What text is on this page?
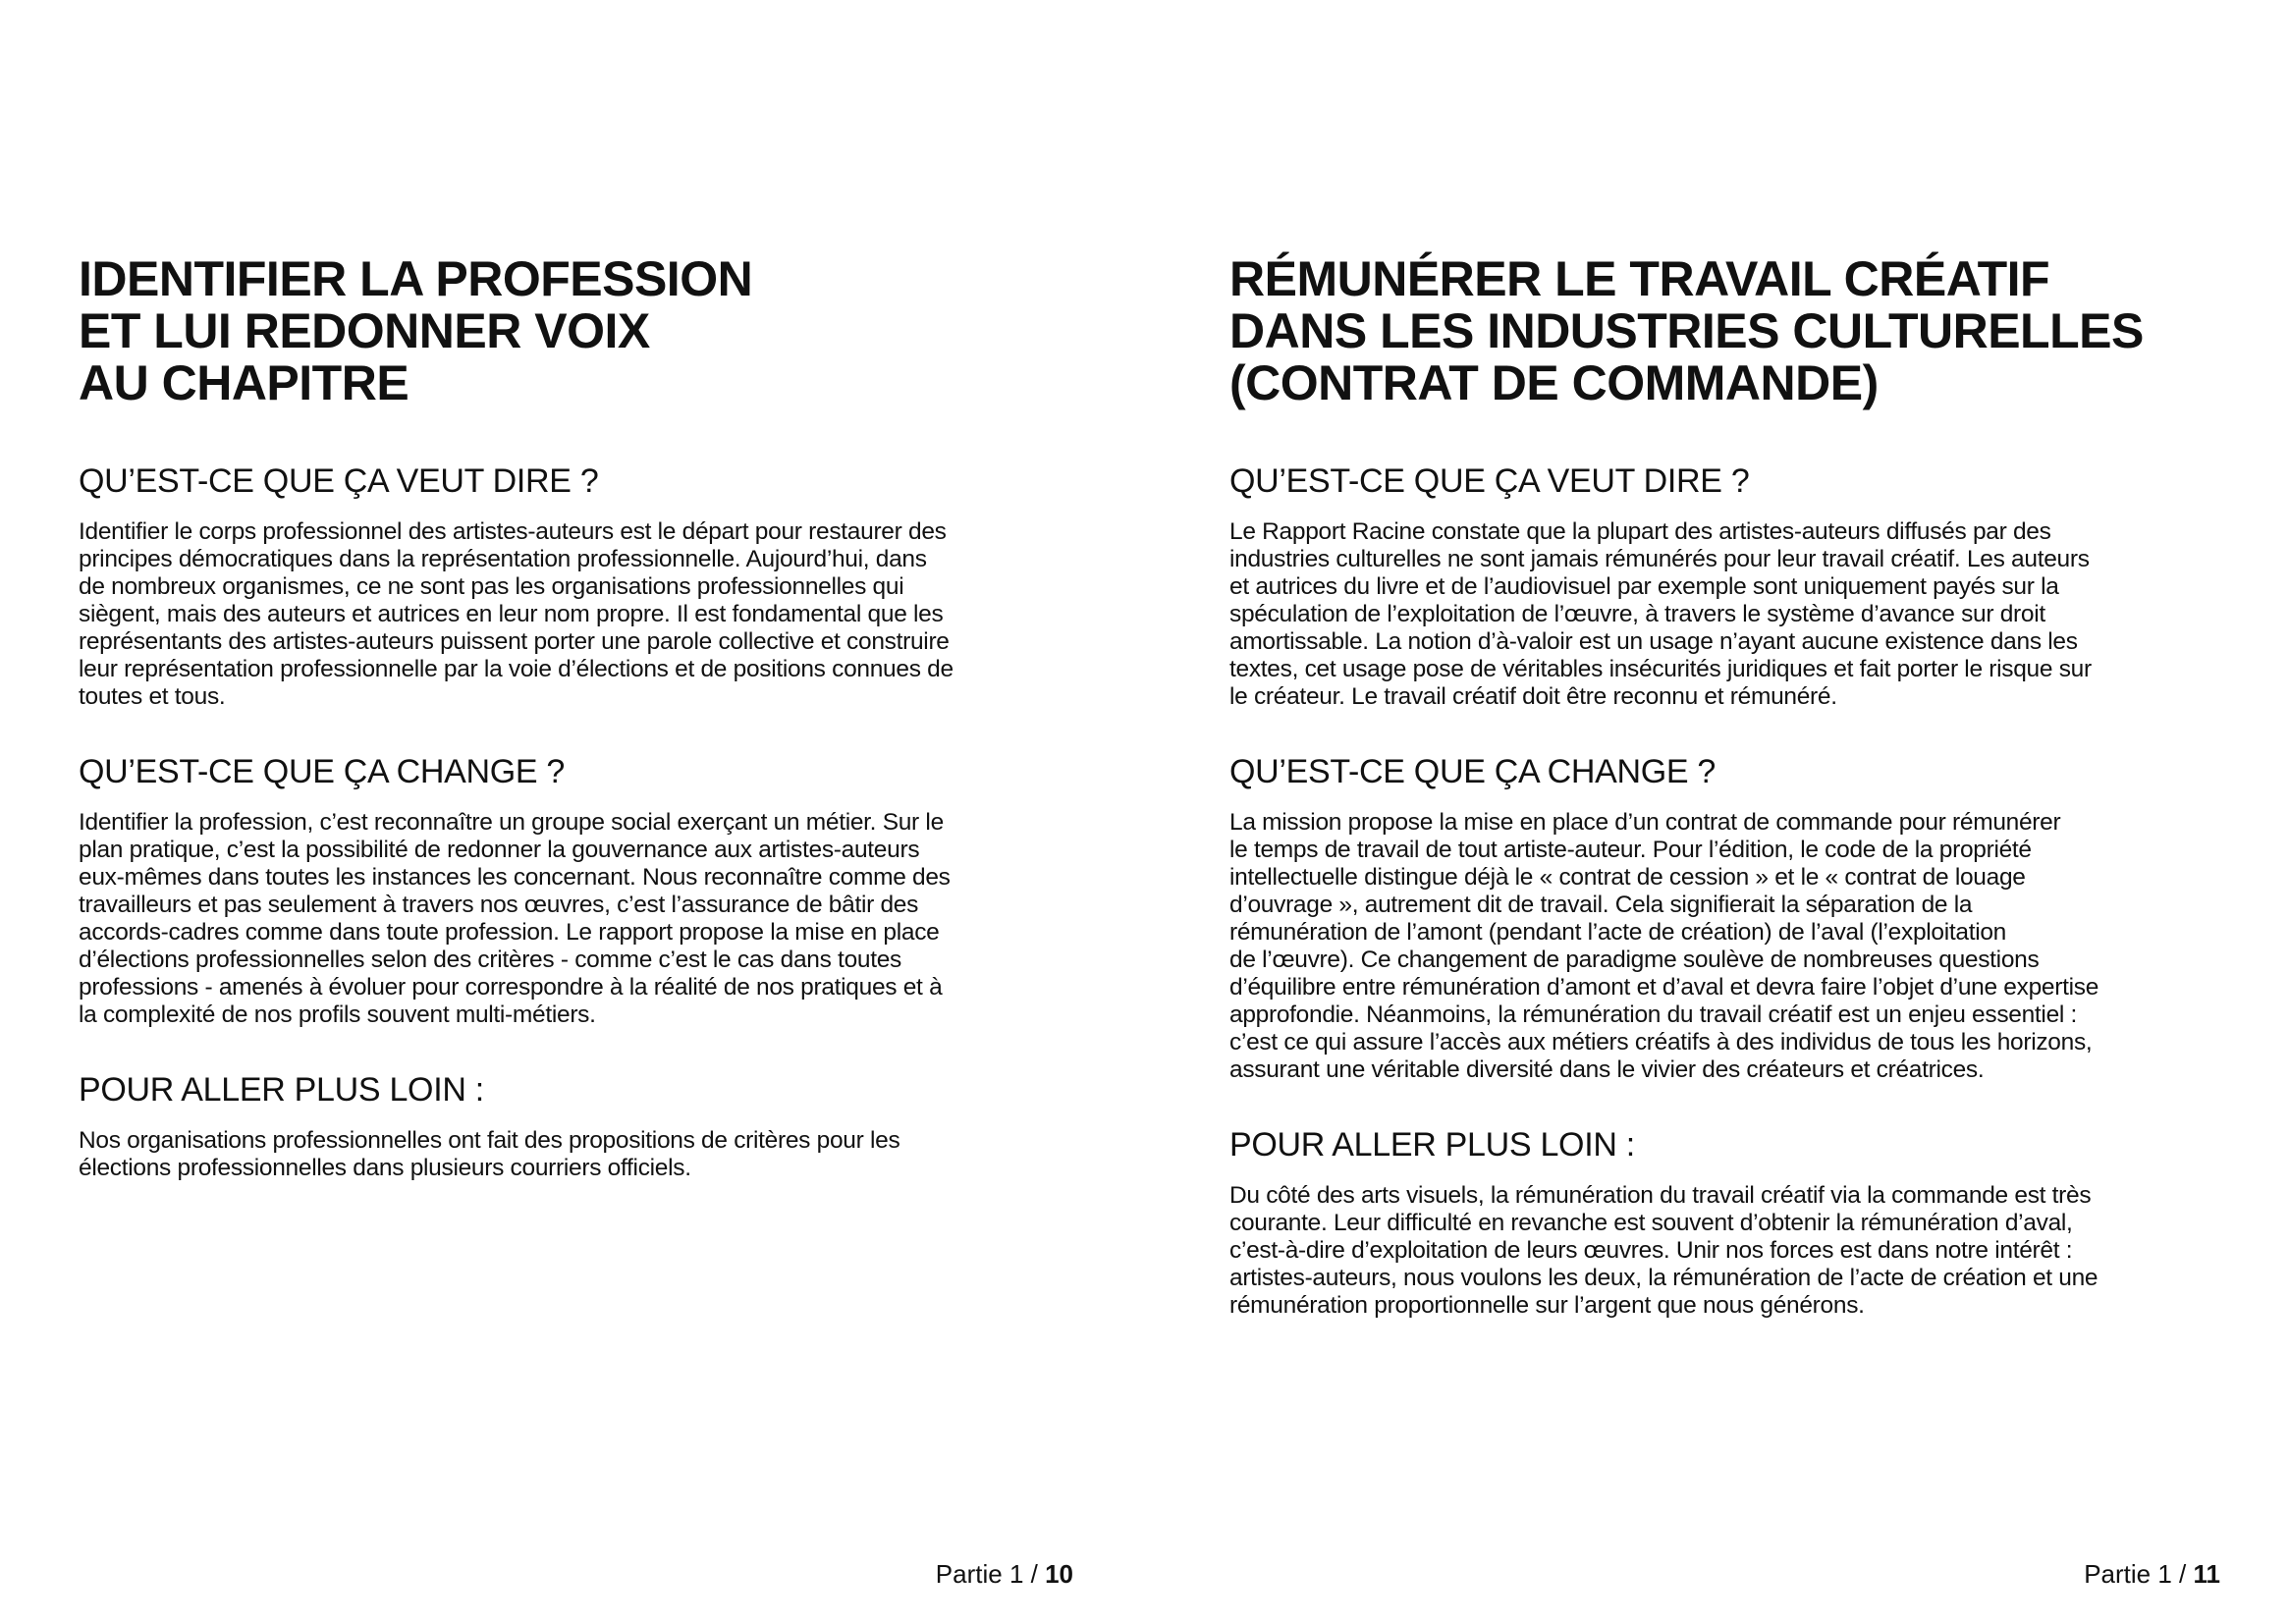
IDENTIFIER LA PROFESSION
ET LUI REDONNER VOIX
AU CHAPITRE
QU’EST-CE QUE ÇA VEUT DIRE ?

Identifier le corps professionnel des artistes-auteurs est le départ pour restaurer des
principes démocratiques dans la représentation professionnelle. Aujourd’hui, dans
de nombreux organismes, ce ne sont pas les organisations professionnelles qui
siègent, mais des auteurs et autrices en leur nom propre. Il est fondamental que les
représentants des artistes-auteurs puissent porter une parole collective et construire
leur représentation professionnelle par la voie d’élections et de positions connues de
toutes et tous.

QU’EST-CE QUE ÇA CHANGE ?

Identifier la profession, c’est reconnaître un groupe social exerçant un métier. Sur le
plan pratique, c’est la possibilité de redonner la gouvernance aux artistes-auteurs
eux-mêmes dans toutes les instances les concernant. Nous reconnaître comme des
travailleurs et pas seulement à travers nos œuvres, c’est l’assurance de bâtir des
accords-cadres comme dans toute profession. Le rapport propose la mise en place
d’élections professionnelles selon des critères - comme c’est le cas dans toutes
professions - amenés à évoluer pour correspondre à la réalité de nos pratiques et à
la complexité de nos profils souvent multi-métiers.

POUR ALLER PLUS LOIN :

Nos organisations professionnelles ont fait des propositions de critères pour les
élections professionnelles dans plusieurs courriers officiels.

Partie 1 / 10
RÉMUNÉRER LE TRAVAIL CRÉATIF
DANS LES INDUSTRIES CULTURELLES
(CONTRAT DE COMMANDE)
QU’EST-CE QUE ÇA VEUT DIRE ?

Le Rapport Racine constate que la plupart des artistes-auteurs diffusés par des
industries culturelles ne sont jamais rémunérés pour leur travail créatif. Les auteurs
et autrices du livre et de l’audiovisuel par exemple sont uniquement payés sur la
spéculation de l’exploitation de l’œuvre, à travers le système d’avance sur droit
amortissable. La notion d’à-valoir est un usage n’ayant aucune existence dans les
textes, cet usage pose de véritables insécurités juridiques et fait porter le risque sur
le créateur. Le travail créatif doit être reconnu et rémunéré.

QU’EST-CE QUE ÇA CHANGE ?

La mission propose la mise en place d’un contrat de commande pour rémunérer
le temps de travail de tout artiste-auteur. Pour l’édition, le code de la propriété
intellectuelle distingue déjà le « contrat de cession » et le « contrat de louage
d’ouvrage », autrement dit de travail. Cela signifierait la séparation de la
rémunération de l’amont (pendant l’acte de création) de l’aval (l’exploitation
de l’œuvre). Ce changement de paradigme soulève de nombreuses questions
d’équilibre entre rémunération d’amont et d’aval et devra faire l’objet d’une expertise
approfondie. Néanmoins, la rémunération du travail créatif est un enjeu essentiel :
c’est ce qui assure l’accès aux métiers créatifs à des individus de tous les horizons,
assurant une véritable diversité dans le vivier des créateurs et créatrices.

POUR ALLER PLUS LOIN :

Du côté des arts visuels, la rémunération du travail créatif via la commande est très
courante. Leur difficulté en revanche est souvent d’obtenir la rémunération d’aval,
c’est-à-dire d’exploitation de leurs œuvres. Unir nos forces est dans notre intérêt :
artistes-auteurs, nous voulons les deux, la rémunération de l’acte de création et une
rémunération proportionnelle sur l’argent que nous générons.

Partie 1 / 11
